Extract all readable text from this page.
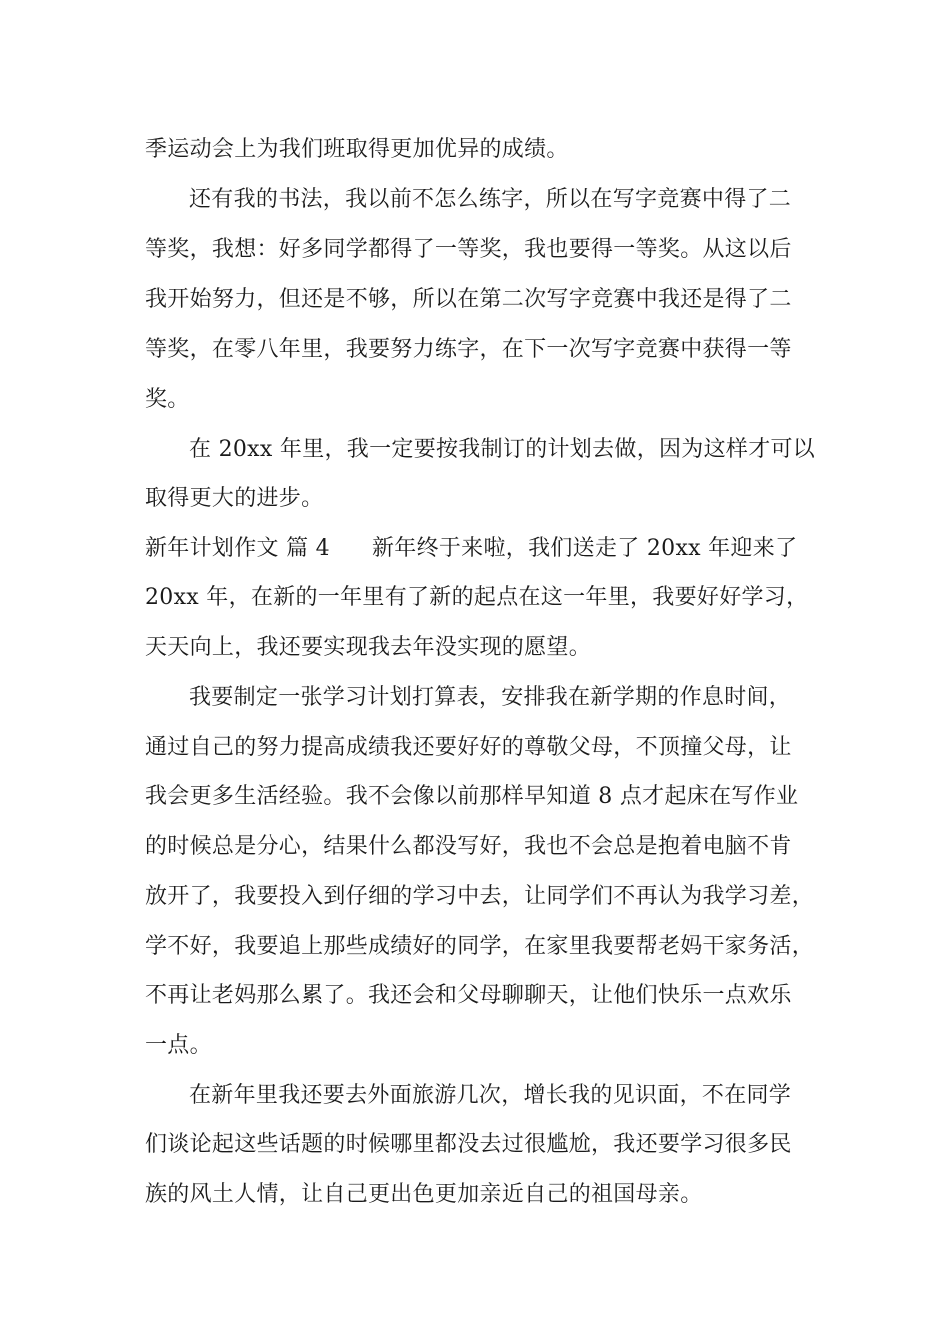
季运动会上为我们班取得更加优异的成绩。
还有我的书法，我以前不怎么练字，所以在写字竞赛中得了二
等奖，我想：好多同学都得了一等奖，我也要得一等奖。从这以后
我开始努力，但还是不够，所以在第二次写字竞赛中我还是得了二
等奖，在零八年里，我要努力练字，在下一次写字竞赛中获得一等
奖。
在 20xx 年里，我一定要按我制订的计划去做，因为这样才可以
取得更大的进步。
新年计划作文 篇 4 新年终于来啦，我们送走了 20xx 年迎来了
20xx 年，在新的一年里有了新的起点在这一年里，我要好好学习，
天天向上，我还要实现我去年没实现的愿望。
我要制定一张学习计划打算表，安排我在新学期的作息时间，
通过自己的努力提高成绩我还要好好的尊敬父母，不顶撞父母，让
我会更多生活经验。我不会像以前那样早知道 8 点才起床在写作业
的时候总是分心，结果什么都没写好，我也不会总是抱着电脑不肯
放开了，我要投入到仔细的学习中去，让同学们不再认为我学习差，
学不好，我要追上那些成绩好的同学，在家里我要帮老妈干家务活，
不再让老妈那么累了。我还会和父母聊聊天，让他们快乐一点欢乐
一点。
在新年里我还要去外面旅游几次，增长我的见识面，不在同学
们谈论起这些话题的时候哪里都没去过很尴尬，我还要学习很多民
族的风土人情，让自己更出色更加亲近自己的祖国母亲。
